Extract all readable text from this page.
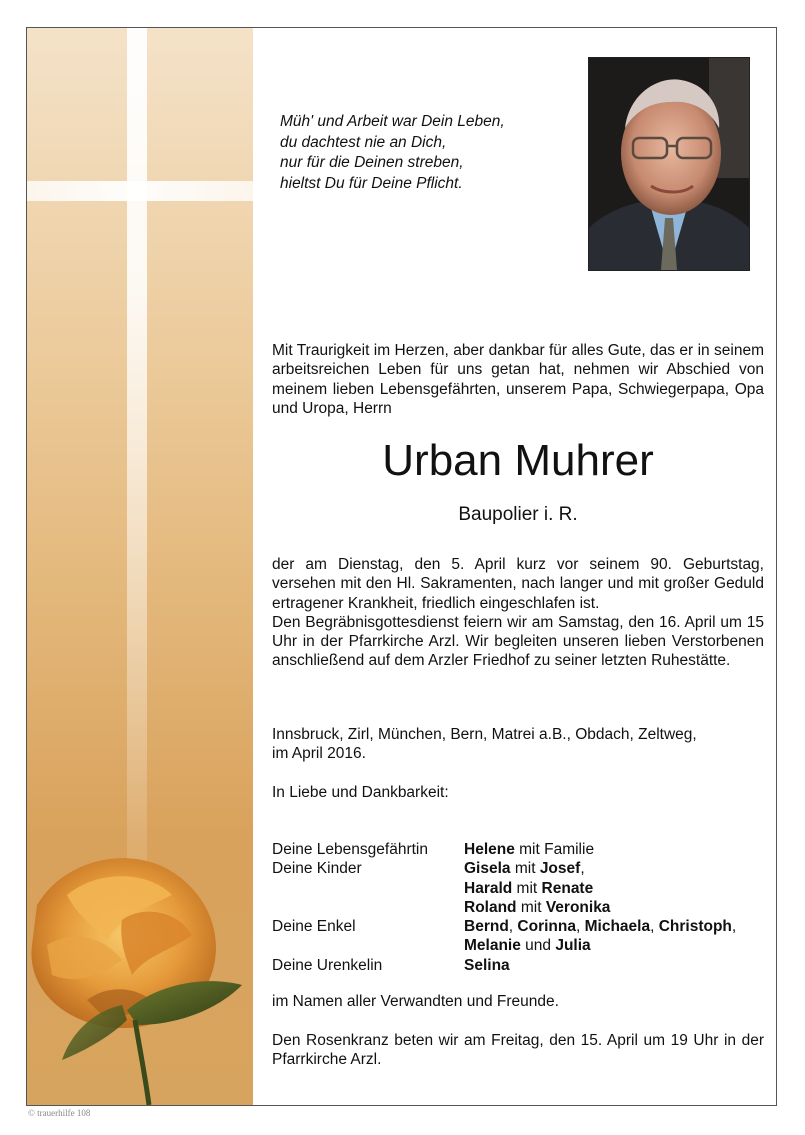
Müh' und Arbeit war Dein Leben,
du dachtest nie an Dich,
nur für die Deinen streben,
hieltst Du für Deine Pflicht.

Mit Traurigkeit im Herzen, aber dankbar für alles Gute, das er in seinem arbeitsreichen Leben für uns getan hat, nehmen wir Abschied von meinem lieben Lebensgefährten, unserem Papa, Schwiegerpapa, Opa und Uropa, Herrn

Urban Muhrer
Baupolier i. R.

der am Dienstag, den 5. April kurz vor seinem 90. Geburtstag, versehen mit den Hl. Sakramenten, nach langer und mit großer Geduld ertragener Krankheit, friedlich eingeschlafen ist.

Den Begräbnisgottesdienst feiern wir am Samstag, den 16. April um 15 Uhr in der Pfarrkirche Arzl. Wir begleiten unseren lieben Verstorbenen anschließend auf dem Arzler Friedhof zu seiner letzten Ruhestätte.

Innsbruck, Zirl, München, Bern, Matrei a.B., Obdach, Zeltweg,
im April 2016.
In Liebe und Dankbarkeit:
Deine Lebensgefährtin	Helene mit Familie
Deine Kinder	Gisela mit Josef,
Harald mit Renate
Roland mit Veronika
Deine Enkel	Bernd, Corinna, Michaela, Christoph,
Melanie und Julia
Deine Urenkelin	Selina
im Namen aller Verwandten und Freunde.

Den Rosenkranz beten wir am Freitag, den 15. April um 19 Uhr in der Pfarrkirche Arzl.

© trauerhilfe 108
